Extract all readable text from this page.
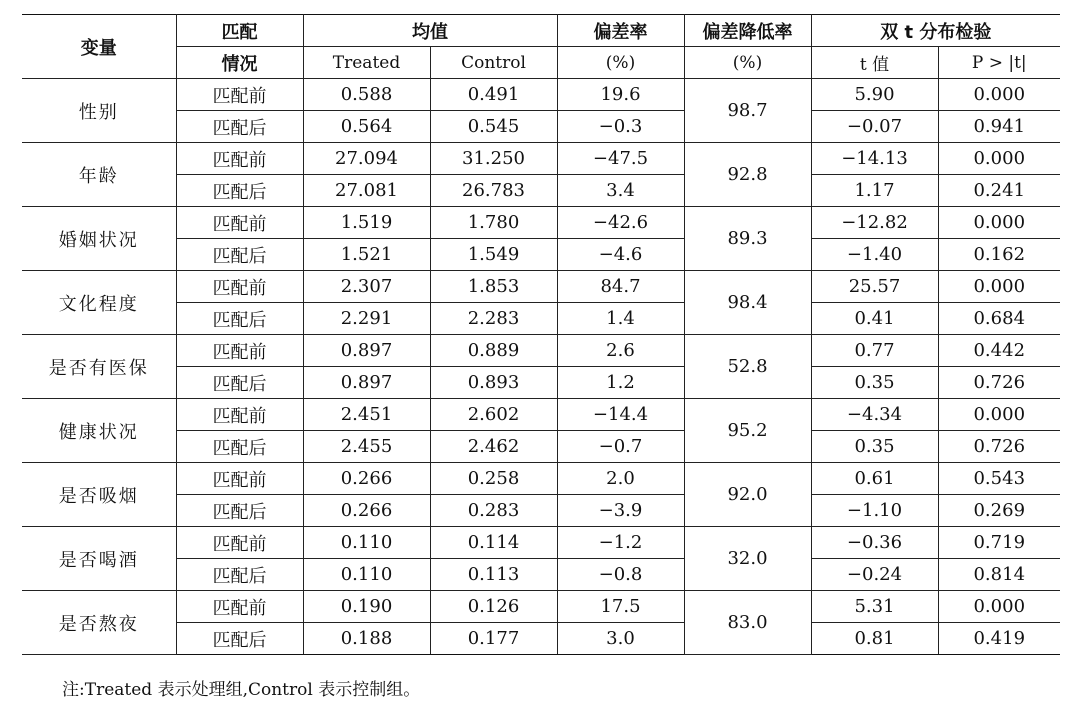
变量	匹配	均值		偏差率	偏差降低率	双 t 分布检验	
	情况	Treated	Control	(%)	(%)	t 值	P > |t|
性别	匹配前	0.588	0.491	19.6	98.7	5.90	0.000
	匹配后	0.564	0.545	−0.3		−0.07	0.941
年龄	匹配前	27.094	31.250	−47.5	92.8	−14.13	0.000
	匹配后	27.081	26.783	3.4		1.17	0.241
婚姻状况	匹配前	1.519	1.780	−42.6	89.3	−12.82	0.000
	匹配后	1.521	1.549	−4.6		−1.40	0.162
文化程度	匹配前	2.307	1.853	84.7	98.4	25.57	0.000
	匹配后	2.291	2.283	1.4		0.41	0.684
是否有医保	匹配前	0.897	0.889	2.6	52.8	0.77	0.442
	匹配后	0.897	0.893	1.2		0.35	0.726
健康状况	匹配前	2.451	2.602	−14.4	95.2	−4.34	0.000
	匹配后	2.455	2.462	−0.7		0.35	0.726
是否吸烟	匹配前	0.266	0.258	2.0	92.0	0.61	0.543
	匹配后	0.266	0.283	−3.9		−1.10	0.269
是否喝酒	匹配前	0.110	0.114	−1.2	32.0	−0.36	0.719
	匹配后	0.110	0.113	−0.8		−0.24	0.814
是否熬夜	匹配前	0.190	0.126	17.5	83.0	5.31	0.000
	匹配后	0.188	0.177	3.0		0.81	0.419
注:Treated 表示处理组,Control 表示控制组。
